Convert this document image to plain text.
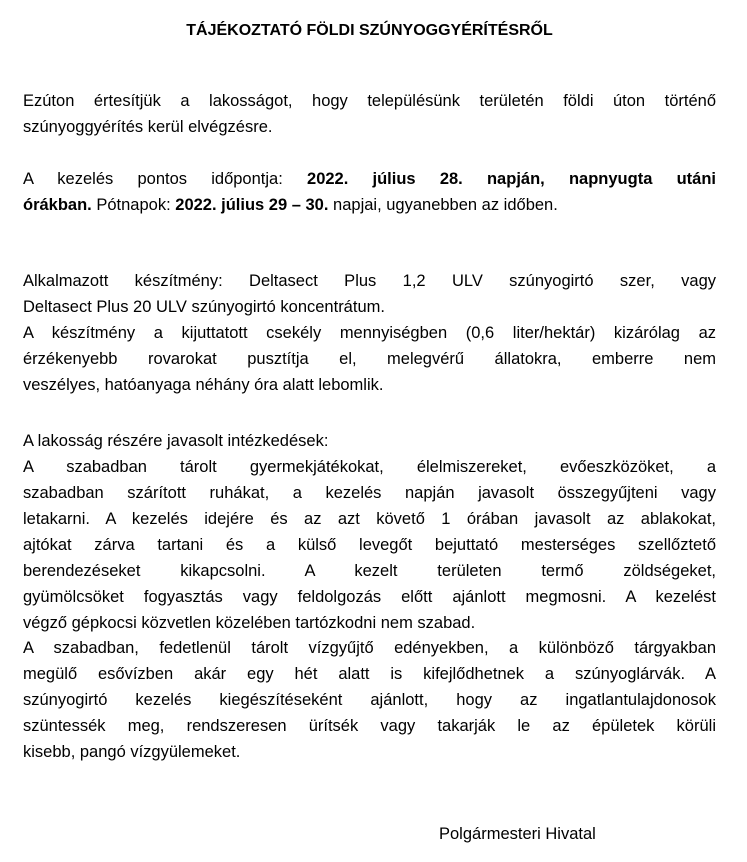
TÁJÉKOZTATÓ FÖLDI SZÚNYOGGYÉRÍTÉSRŐL
Ezúton értesítjük a lakosságot, hogy településünk területén földi úton történő
szúnyoggyérítés kerül elvégzésre.
A kezelés pontos időpontja: 2022. július 28. napján, napnyugta utáni
órákban. Pótnapok: 2022. július 29 – 30. napjai, ugyanebben az időben.
Alkalmazott készítmény: Deltasect Plus 1,2 ULV szúnyogirtó szer, vagy
Deltasect Plus 20 ULV szúnyogirtó koncentrátum.
A készítmény a kijuttatott csekély mennyiségben (0,6 liter/hektár) kizárólag az
érzékenyebb rovarokat pusztítja el, melegvérű állatokra, emberre nem
veszélyes, hatóanyaga néhány óra alatt lebomlik.
A lakosság részére javasolt intézkedések:
A szabadban tárolt gyermekjátékokat, élelmiszereket, evőeszközöket, a
szabadban szárított ruhákat, a kezelés napján javasolt összegyűjteni vagy
letakarni. A kezelés idejére és az azt követő 1 órában javasolt az ablakokat,
ajtókat zárva tartani és a külső levegőt bejuttató mesterséges szellőztető
berendezéseket kikapcsolni. A kezelt területen termő zöldségeket,
gyümölcsöket fogyasztás vagy feldolgozás előtt ajánlott megmosni. A kezelést
végző gépkocsi közvetlen közelében tartózkodni nem szabad.
A szabadban, fedetlenül tárolt vízgyűjtő edényekben, a különböző tárgyakban
megülő esővízben akár egy hét alatt is kifejlődhetnek a szúnyoglárvák. A
szúnyogirtó kezelés kiegészítéseként ajánlott, hogy az ingatlantulajdonosok
szüntessék meg, rendszeresen ürítsék vagy takarják le az épületek körüli
kisebb, pangó vízgyülemeket.

Polgármesteri Hivatal
